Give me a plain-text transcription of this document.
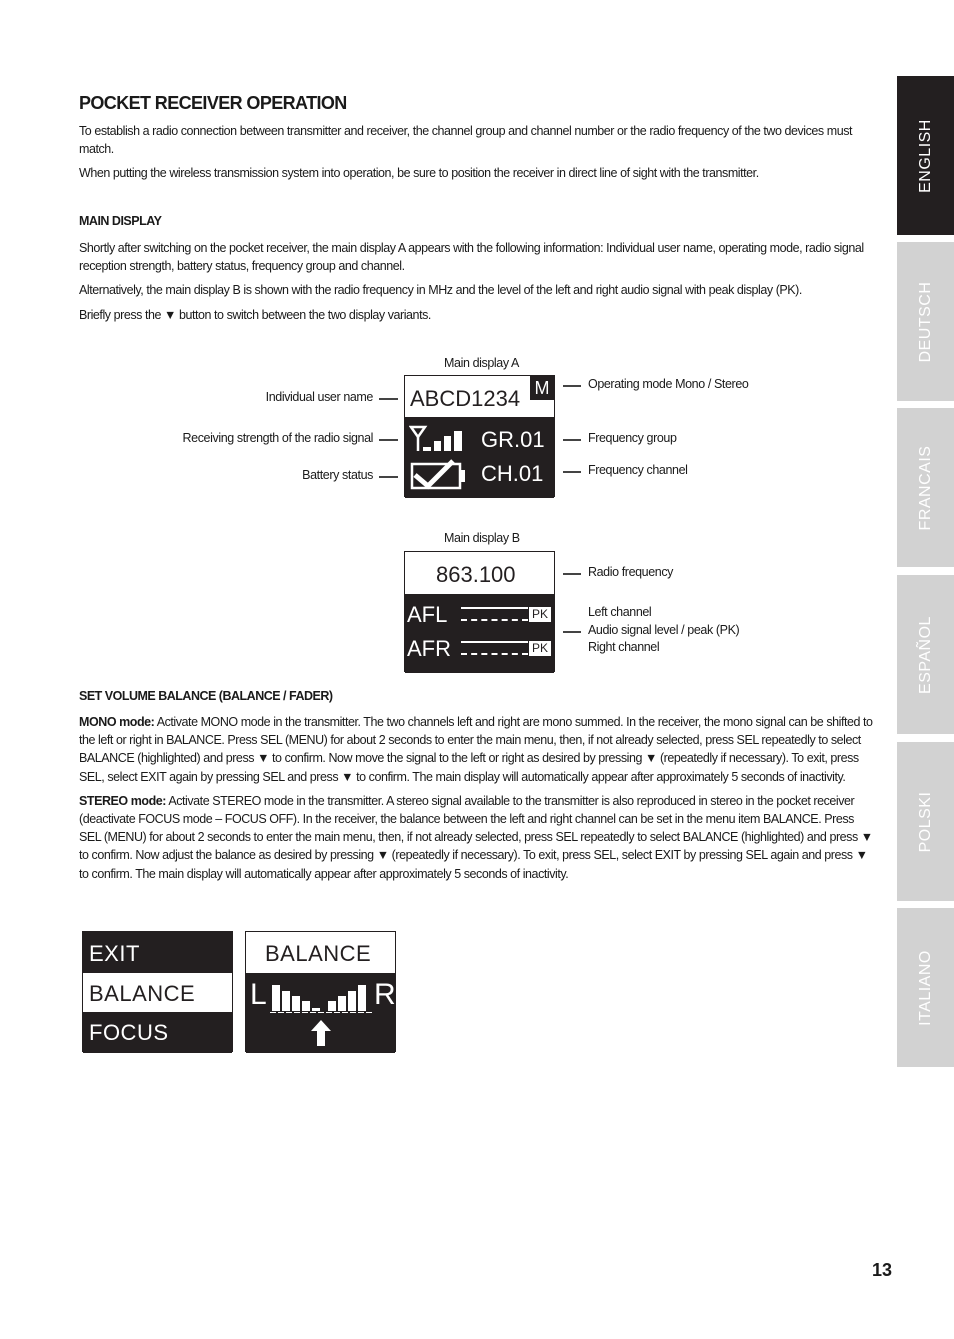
ENGLISH
DEUTSCH
FRANCAIS
ESPAÑOL
POLSKI
ITALIANO
POCKET RECEIVER OPERATION

To establish a radio connection between transmitter and receiver, the channel group and channel number or the radio frequency of the two devices must match.

When putting the wireless transmission system into operation, be sure to position the receiver in direct line of sight with the transmitter.

MAIN DISPLAY

Shortly after switching on the pocket receiver, the main display A appears with the following information: Individual user name, operating mode, radio signal reception strength, battery status, frequency group and channel.

Alternatively, the main display B is shown with the radio frequency in MHz and the level of the left and right audio signal with peak display (PK).

Briefly press the ▼ button to switch between the two display variants.

Main display A
ABCD1234 M
GR.01
CH.01
Individual user name
Receiving strength of the radio signal
Battery status
Operating mode Mono / Stereo
Frequency group
Frequency channel
Main display B
863.100
AFL	PK
AFR	PK
Radio frequency
Left channel
Audio signal level / peak (PK)
Right channel
SET VOLUME BALANCE (BALANCE / FADER)

MONO mode: Activate MONO mode in the transmitter. The two channels left and right are mono summed. In the receiver, the mono signal can be shifted to the left or right in BALANCE. Press SEL (MENU) for about 2 seconds to enter the main menu, then, if not already selected, press SEL repeatedly to select BALANCE (highlighted) and press ▼ to confirm. Now move the signal to the left or right as desired by pressing ▼ (repeatedly if necessary). To exit, press SEL, select EXIT again by pressing SEL and press ▼ to confirm. The main display will automatically appear after approximately 5 seconds of inactivity.

STEREO mode: Activate STEREO mode in the transmitter. A stereo signal available to the transmitter is also reproduced in stereo in the pocket receiver (deactivate FOCUS mode – FOCUS OFF). In the receiver, the balance between the left and right channel can be set in the menu item BALANCE. Press SEL (MENU) for about 2 seconds to enter the main menu, then, if not already selected, press SEL repeatedly to select BALANCE (highlighted) and press ▼ to confirm. Now adjust the balance as desired by pressing ▼ (repeatedly if necessary). To exit, press SEL, select EXIT by pressing SEL again and press ▼ to confirm. The main display will automatically appear after approximately 5 seconds of inactivity.

EXIT
BALANCE
FOCUS
BALANCE
L	R
13
